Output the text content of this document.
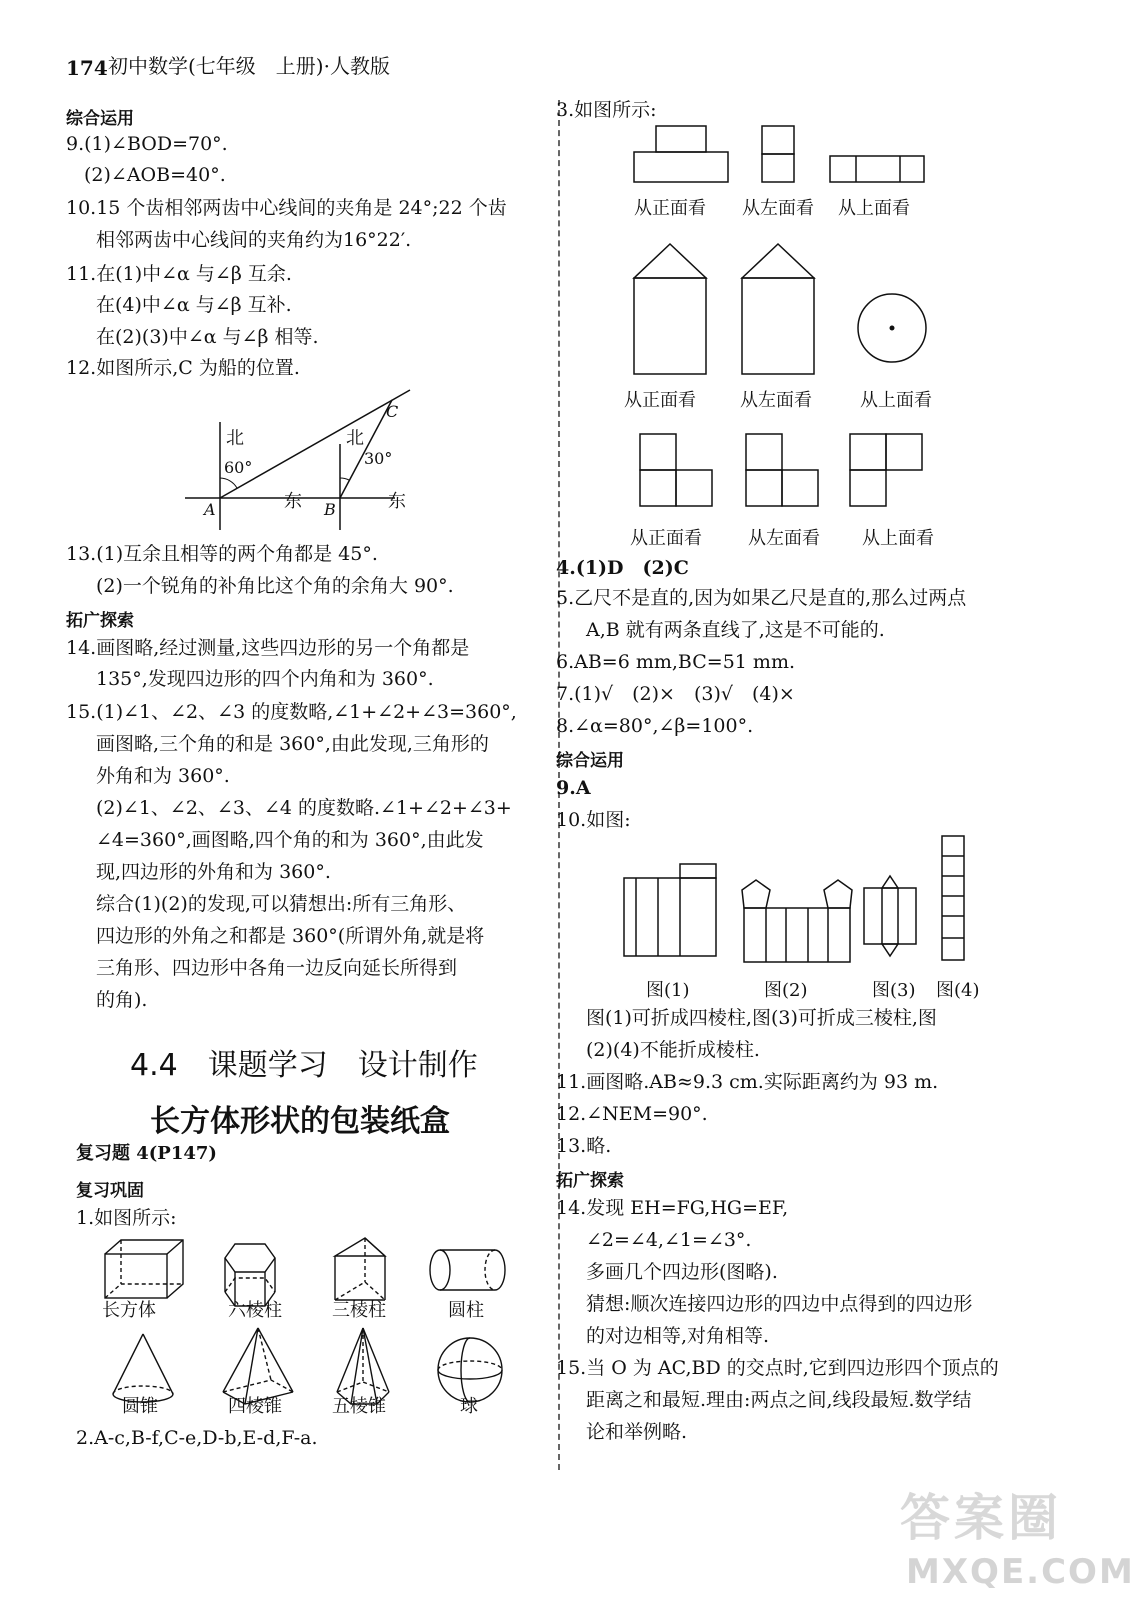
174 初中数学(七年级　上册)·人教版
综合运用
9.(1)∠BOD=70°.
(2)∠AOB=40°.
10.15 个齿相邻两齿中心线间的夹角是 24°;22 个齿
相邻两齿中心线间的夹角约为16°22′.
11.在(1)中∠α 与∠β 互余.
在(4)中∠α 与∠β 互补.
在(2)(3)中∠α 与∠β 相等.
12.如图所示,C 为船的位置.
北	北
60°	30°
东	东
A	B
C
13.(1)互余且相等的两个角都是 45°.
(2)一个锐角的补角比这个角的余角大 90°.
拓广探索
14.画图略,经过测量,这些四边形的另一个角都是
135°,发现四边形的四个内角和为 360°.
15.(1)∠1、∠2、∠3 的度数略,∠1+∠2+∠3=360°,
画图略,三个角的和是 360°,由此发现,三角形的
外角和为 360°.
(2)∠1、∠2、∠3、∠4 的度数略.∠1+∠2+∠3+
∠4=360°,画图略,四个角的和为 360°,由此发
现,四边形的外角和为 360°.
综合(1)(2)的发现,可以猜想出:所有三角形、
四边形的外角之和都是 360°(所谓外角,就是将
三角形、四边形中各角一边反向延长所得到
的角).
4.4　课题学习　设计制作
长方体形状的包装纸盒
复习题 4(P147)
复习巩固
1.如图所示:
长方体	六棱柱	三棱柱	圆柱
圆锥	四棱锥	五棱锥	球
2.A-c,B-f,C-e,D-b,E-d,F-a.
3.如图所示:
从正面看 从左面看 从上面看
从正面看 从左面看	从上面看
从正面看	从左面看 从上面看
4.(1)D　(2)C
5.乙尺不是直的,因为如果乙尺是直的,那么过两点
A,B 就有两条直线了,这是不可能的.
6.AB=6 mm,BC=51 mm.
7.(1)√　(2)×　(3)√　(4)×
8.∠α=80°,∠β=100°.
综合运用
9.A
10.如图:
图(1)	图(2)	图(3) 图(4)
图(1)可折成四棱柱,图(3)可折成三棱柱,图
(2)(4)不能折成棱柱.
11.画图略.AB≈9.3 cm.实际距离约为 93 m.
12.∠NEM=90°.
13.略.
拓广探索
14.发现 EH=FG,HG=EF,
∠2=∠4,∠1=∠3°.
多画几个四边形(图略).
猜想:顺次连接四边形的四边中点得到的四边形
的对边相等,对角相等.
15.当 O 为 AC,BD 的交点时,它到四边形四个顶点的
距离之和最短.理由:两点之间,线段最短.数学结
论和举例略.
答案圈
MXQE.COM
